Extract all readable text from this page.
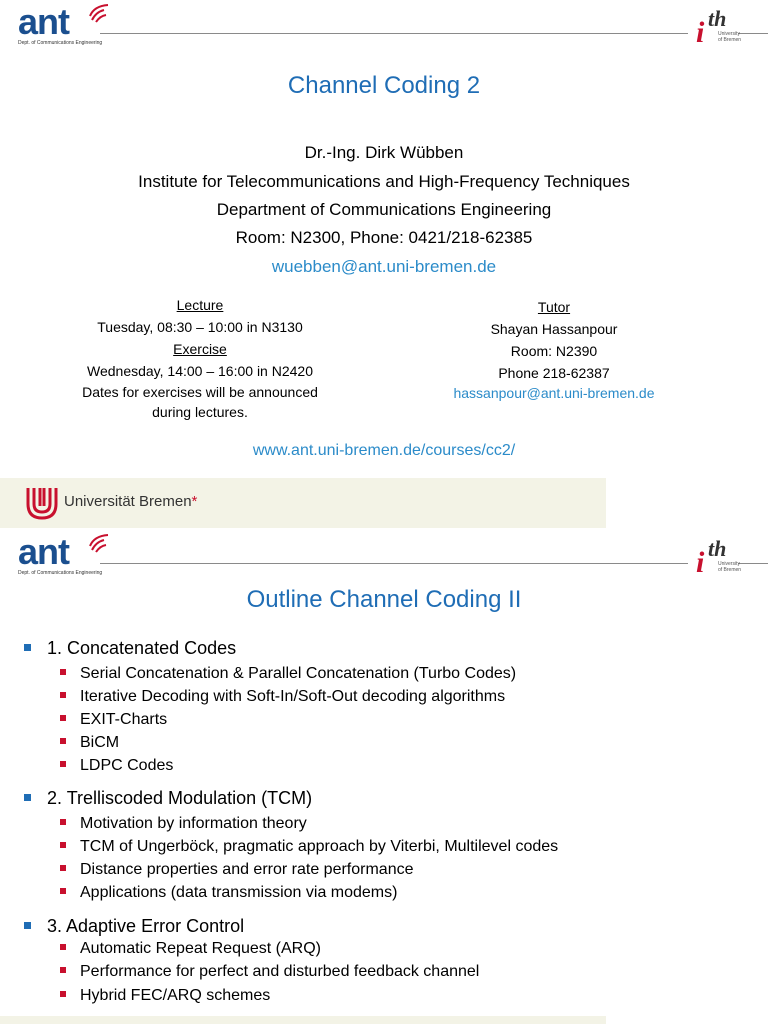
ant
Dept. of Communications Engineering
th
i	University of Bremen
Channel Coding 2
Dr.-Ing. Dirk Wübben
Institute for Telecommunications and High-Frequency Techniques
Department of Communications Engineering
Room: N2300, Phone: 0421/218-62385
wuebben@ant.uni-bremen.de
Lecture
Tuesday, 08:30 – 10:00 in N3130
Exercise
Wednesday, 14:00 – 16:00 in N2420
Dates for exercises will be announced
during lectures.
Tutor
Shayan Hassanpour
Room: N2390
Phone 218-62387
hassanpour@ant.uni-bremen.de
www.ant.uni-bremen.de/courses/cc2/
Universität Bremen*
ant
Dept. of Communications Engineering
th
i	University of Bremen
Outline Channel Coding II
1. Concatenated Codes
Serial Concatenation & Parallel Concatenation (Turbo Codes)
Iterative Decoding with Soft-In/Soft-Out decoding algorithms
EXIT-Charts
BiCM
LDPC Codes
2. Trelliscoded Modulation (TCM)
Motivation by information theory
TCM of Ungerböck, pragmatic approach by Viterbi, Multilevel codes
Distance properties and error rate performance
Applications (data transmission via modems)
3. Adaptive Error Control
Automatic Repeat Request (ARQ)
Performance for perfect and disturbed feedback channel
Hybrid FEC/ARQ schemes
